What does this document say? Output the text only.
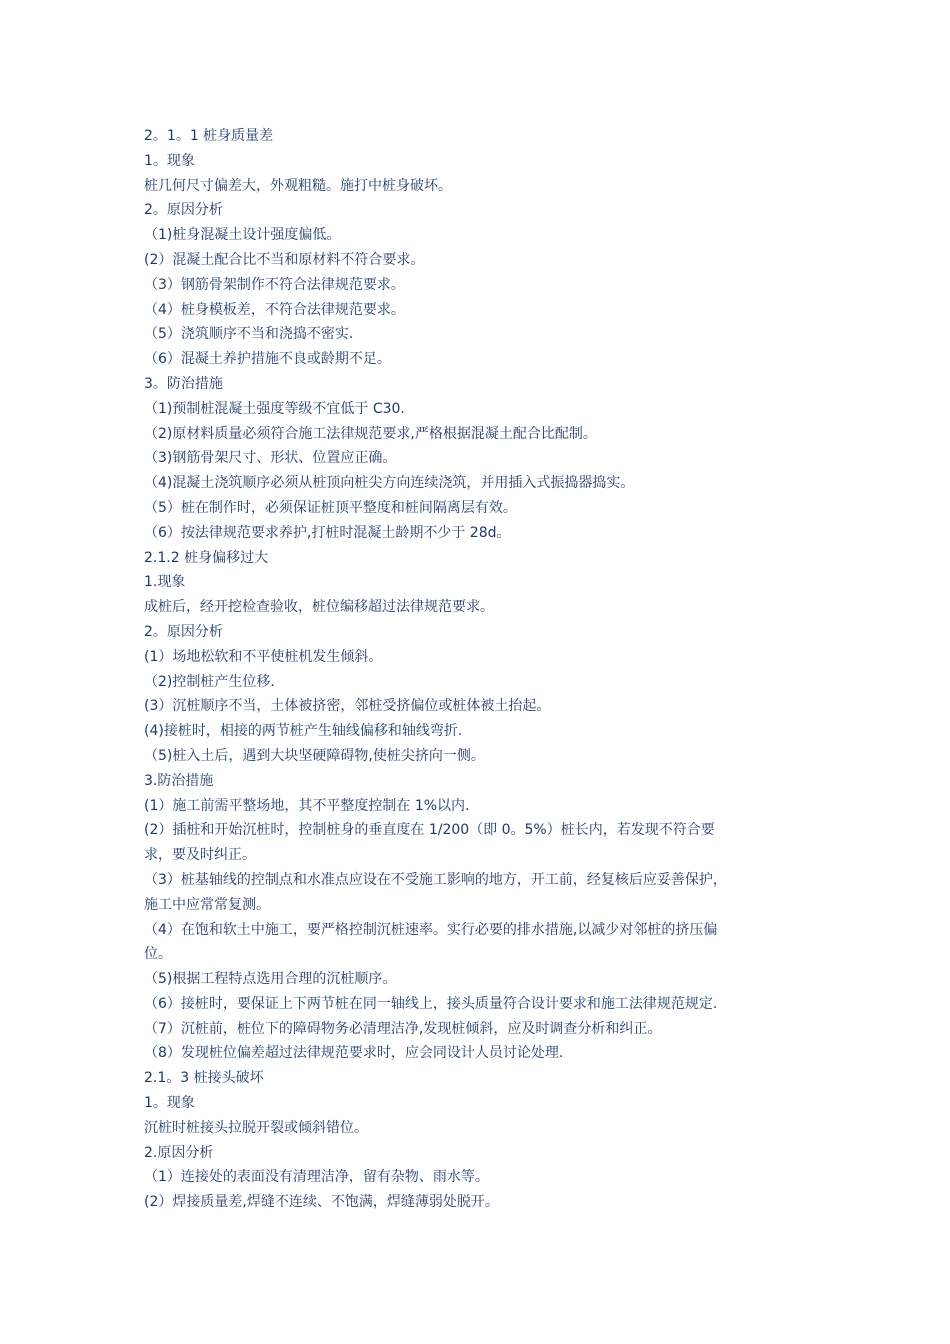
2。1。1 桩身质量差

1。现象

桩几何尺寸偏差大，外观粗糙。施打中桩身破坏。

2。原因分析

（1)桩身混凝土设计强度偏低。

(2）混凝土配合比不当和原材料不符合要求。

（3）钢筋骨架制作不符合法律规范要求。

（4）桩身模板差，不符合法律规范要求。

（5）浇筑顺序不当和浇捣不密实.

（6）混凝土养护措施不良或龄期不足。

3。防治措施

（1)预制桩混凝土强度等级不宜低于 C30.

（2)原材料质量必须符合施工法律规范要求,严格根据混凝土配合比配制。

（3)钢筋骨架尺寸、形状、位置应正确。

（4)混凝土浇筑顺序必须从桩顶向桩尖方向连续浇筑，并用插入式振捣器捣实。

（5）桩在制作时，必须保证桩顶平整度和桩间隔离层有效。

（6）按法律规范要求养护,打桩时混凝土龄期不少于 28d。

2.1.2 桩身偏移过大

1.现象

成桩后，经开挖检查验收，桩位编移超过法律规范要求。

2。原因分析

(1）场地松软和不平使桩机发生倾斜。

（2)控制桩产生位移.

(3）沉桩顺序不当，土体被挤密，邻桩受挤偏位或桩体被土抬起。

(4)接桩时，相接的两节桩产生轴线偏移和轴线弯折.

（5)桩入土后，遇到大块坚硬障碍物,使桩尖挤向一侧。

3.防治措施

(1）施工前需平整场地，其不平整度控制在 1%以内.

(2）插桩和开始沉桩时，控制桩身的垂直度在 1/200（即 0。5%）桩长内，若发现不符合要

求，要及时纠正。

（3）桩基轴线的控制点和水准点应设在不受施工影响的地方，开工前，经复核后应妥善保护，

施工中应常常复测。

（4）在饱和软土中施工，要严格控制沉桩速率。实行必要的排水措施,以减少对邻桩的挤压偏

位。

（5)根据工程特点选用合理的沉桩顺序。

（6）接桩时，要保证上下两节桩在同一轴线上，接头质量符合设计要求和施工法律规范规定.

（7）沉桩前，桩位下的障碍物务必清理洁净,发现桩倾斜，应及时调查分析和纠正。

（8）发现桩位偏差超过法律规范要求时，应会同设计人员讨论处理.

2.1。3 桩接头破坏

1。现象

沉桩时桩接头拉脱开裂或倾斜错位。

2.原因分析

（1）连接处的表面没有清理洁净，留有杂物、雨水等。

(2）焊接质量差,焊缝不连续、不饱满，焊缝薄弱处脱开。
